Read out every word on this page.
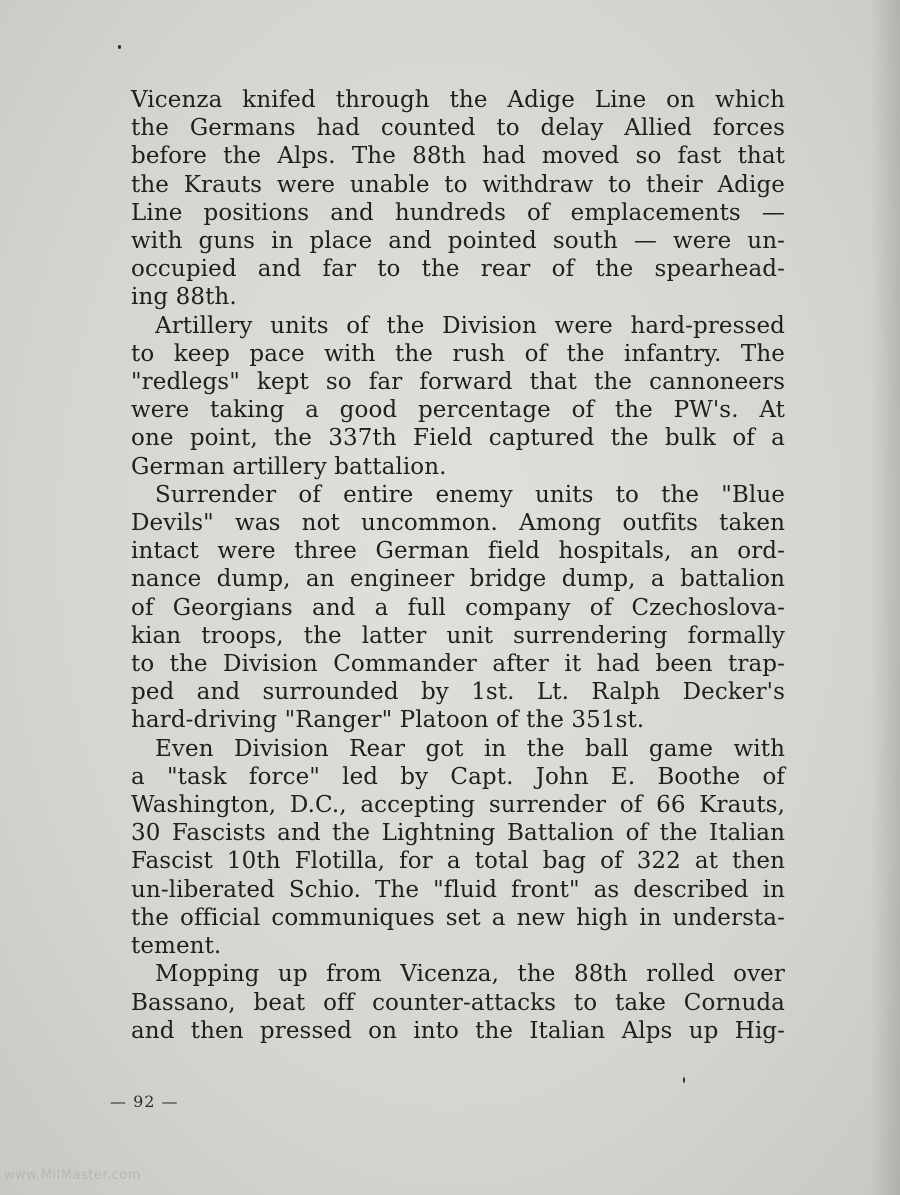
Vicenza knifed through the Adige Line on which
the Germans had counted to delay Allied forces
before the Alps. The 88th had moved so fast that
the Krauts were unable to withdraw to their Adige
Line positions and hundreds of emplacements —
with guns in place and pointed south — were un-
occupied and far to the rear of the spearhead-
ing 88th.

Artillery units of the Division were hard-pressed
to keep pace with the rush of the infantry. The
"redlegs" kept so far forward that the cannoneers
were taking a good percentage of the PW's. At
one point, the 337th Field captured the bulk of a
German artillery battalion.

Surrender of entire enemy units to the "Blue
Devils" was not uncommon. Among outfits taken
intact were three German field hospitals, an ord-
nance dump, an engineer bridge dump, a battalion
of Georgians and a full company of Czechoslova-
kian troops, the latter unit surrendering formally
to the Division Commander after it had been trap-
ped and surrounded by 1st. Lt. Ralph Decker's
hard-driving "Ranger" Platoon of the 351st.

Even Division Rear got in the ball game with
a "task force" led by Capt. John E. Boothe of
Washington, D.C., accepting surrender of 66 Krauts,
30 Fascists and the Lightning Battalion of the Italian
Fascist 10th Flotilla, for a total bag of 322 at then
un-liberated Schio. The "fluid front" as described in
the official communiques set a new high in understa-
tement.

Mopping up from Vicenza, the 88th rolled over
Bassano, beat off counter-attacks to take Cornuda
and then pressed on into the Italian Alps up Hig-

— 92 —
www.MilMaster.com
